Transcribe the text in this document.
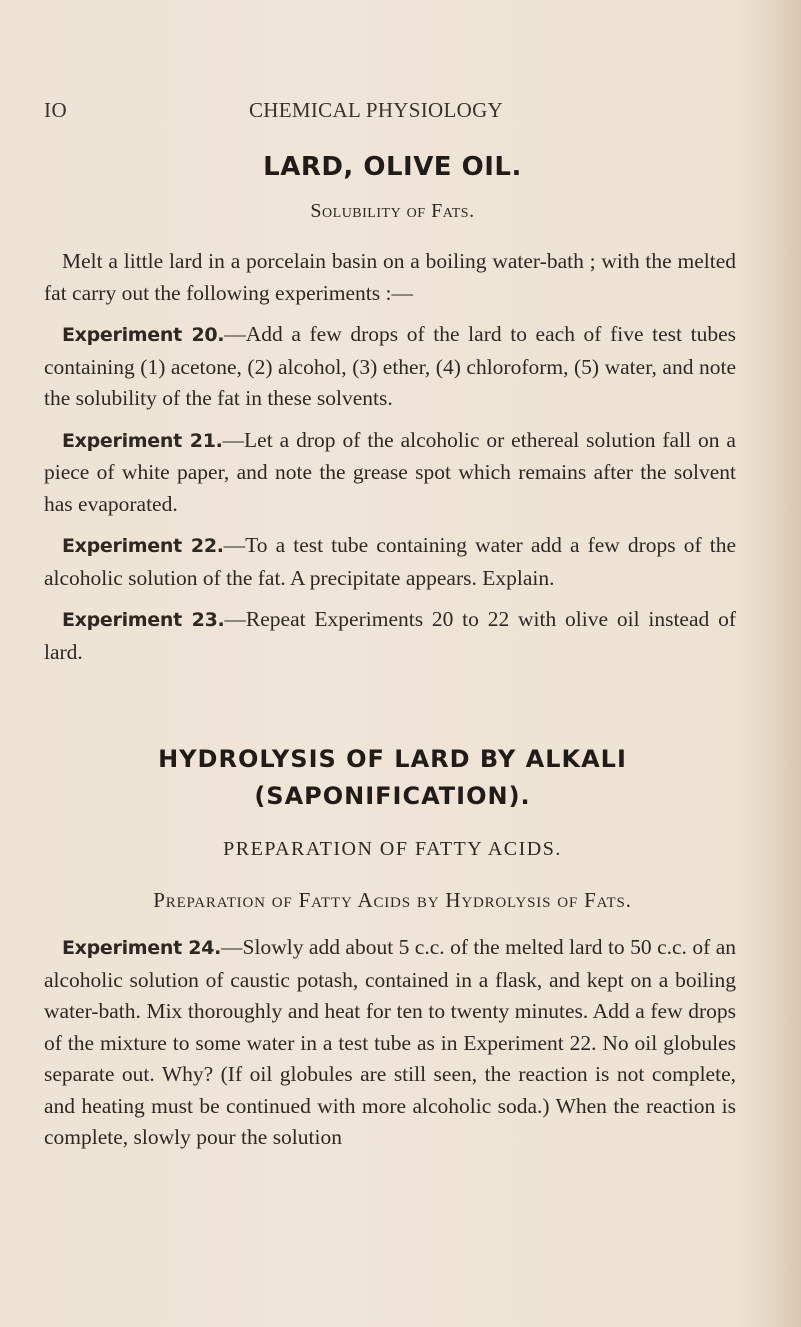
IO	CHEMICAL PHYSIOLOGY
LARD, OLIVE OIL.
Solubility of Fats.

Melt a little lard in a porcelain basin on a boiling water-bath ; with the melted fat carry out the following experiments :—

Experiment 20.—Add a few drops of the lard to each of five test tubes containing (1) acetone, (2) alcohol, (3) ether, (4) chloroform, (5) water, and note the solubility of the fat in these solvents.

Experiment 21.—Let a drop of the alcoholic or ethereal solution fall on a piece of white paper, and note the grease spot which remains after the solvent has evaporated.

Experiment 22.—To a test tube containing water add a few drops of the alcoholic solution of the fat. A precipitate appears. Explain.

Experiment 23.—Repeat Experiments 20 to 22 with olive oil instead of lard.

HYDROLYSIS OF LARD BY ALKALI
(SAPONIFICATION).
PREPARATION OF FATTY ACIDS.
Preparation of Fatty Acids by Hydrolysis of Fats.

Experiment 24.—Slowly add about 5 c.c. of the melted lard to 50 c.c. of an alcoholic solution of caustic potash, contained in a flask, and kept on a boiling water-bath. Mix thoroughly and heat for ten to twenty minutes. Add a few drops of the mixture to some water in a test tube as in Experiment 22. No oil globules separate out. Why? (If oil globules are still seen, the reaction is not complete, and heating must be continued with more alcoholic soda.) When the reaction is complete, slowly pour the solution
